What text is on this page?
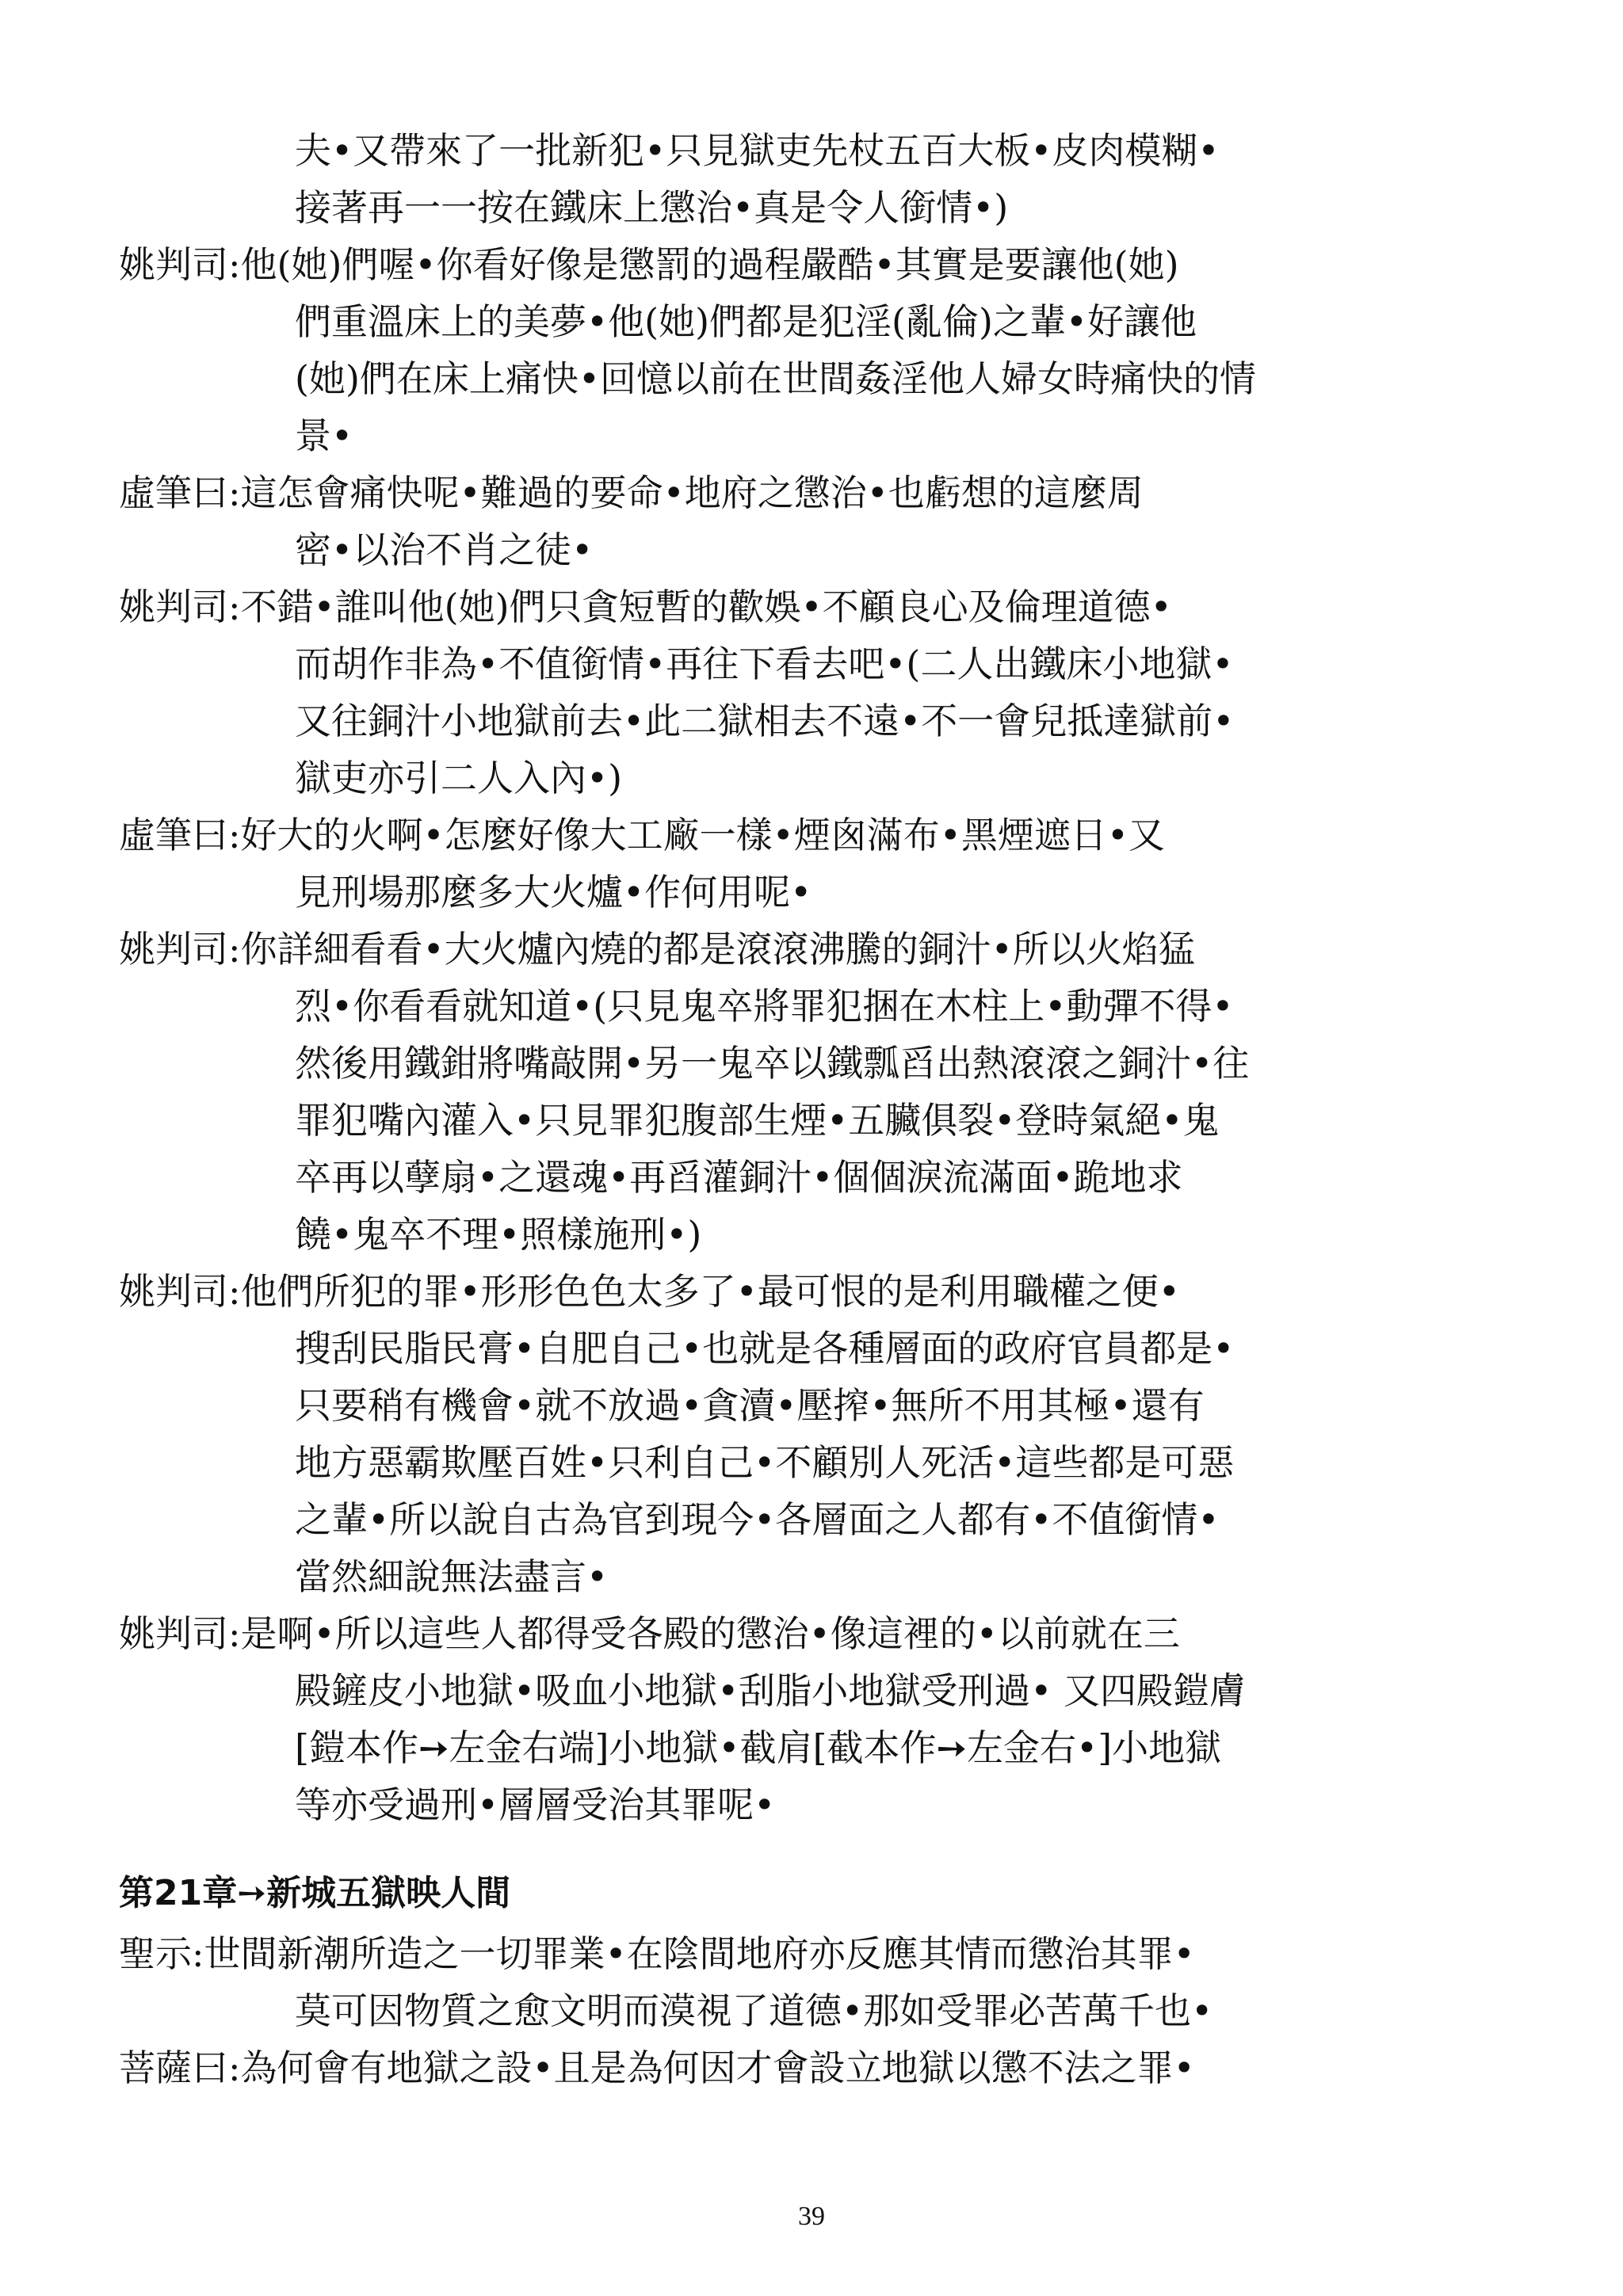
夫•又帶來了一批新犯•只見獄吏先杖五百大板•皮肉模糊•
接著再一一按在鐵床上懲治•真是令人銜情•)
姚判司:他(她)們喔•你看好像是懲罰的過程嚴酷•其實是要讓他(她)
們重溫床上的美夢•他(她)們都是犯淫(亂倫)之輩•好讓他
(她)們在床上痛快•回憶以前在世間姦淫他人婦女時痛快的情
景•
虛筆曰:這怎會痛快呢•難過的要命•地府之懲治•也虧想的這麼周
密•以治不肖之徒•
姚判司:不錯•誰叫他(她)們只貪短暫的歡娛•不顧良心及倫理道德•
而胡作非為•不值銜情•再往下看去吧•(二人出鐵床小地獄•
又往銅汁小地獄前去•此二獄相去不遠•不一會兒抵達獄前•
獄吏亦引二人入內•)
虛筆曰:好大的火啊•怎麼好像大工廠一樣•煙囪滿布•黑煙遮日•又
見刑場那麼多大火爐•作何用呢•
姚判司:你詳細看看•大火爐內燒的都是滾滾沸騰的銅汁•所以火焰猛
烈•你看看就知道•(只見鬼卒將罪犯捆在木柱上•動彈不得•
然後用鐵鉗將嘴敲開•另一鬼卒以鐵瓢舀出熱滾滾之銅汁•往
罪犯嘴內灌入•只見罪犯腹部生煙•五臟俱裂•登時氣絕•鬼
卒再以孽扇•之還魂•再舀灌銅汁•個個淚流滿面•跪地求
饒•鬼卒不理•照樣施刑•)
姚判司:他們所犯的罪•形形色色太多了•最可恨的是利用職權之便•
搜刮民脂民膏•自肥自己•也就是各種層面的政府官員都是•
只要稍有機會•就不放過•貪瀆•壓搾•無所不用其極•還有
地方惡霸欺壓百姓•只利自己•不顧別人死活•這些都是可惡
之輩•所以說自古為官到現今•各層面之人都有•不值銜情•
當然細說無法盡言•
姚判司:是啊•所以這些人都得受各殿的懲治•像這裡的•以前就在三
殿鏟皮小地獄•吸血小地獄•刮脂小地獄受刑過• 又四殿鎧膚
[鎧本作➙左金右端]小地獄•截肩[截本作➙左金右•]小地獄
等亦受過刑•層層受治其罪呢•
第21章➙新城五獄映人間
聖示:世間新潮所造之一切罪業•在陰間地府亦反應其情而懲治其罪•
莫可因物質之愈文明而漠視了道德•那如受罪必苦萬千也•
菩薩曰:為何會有地獄之設•且是為何因才會設立地獄以懲不法之罪•
39
